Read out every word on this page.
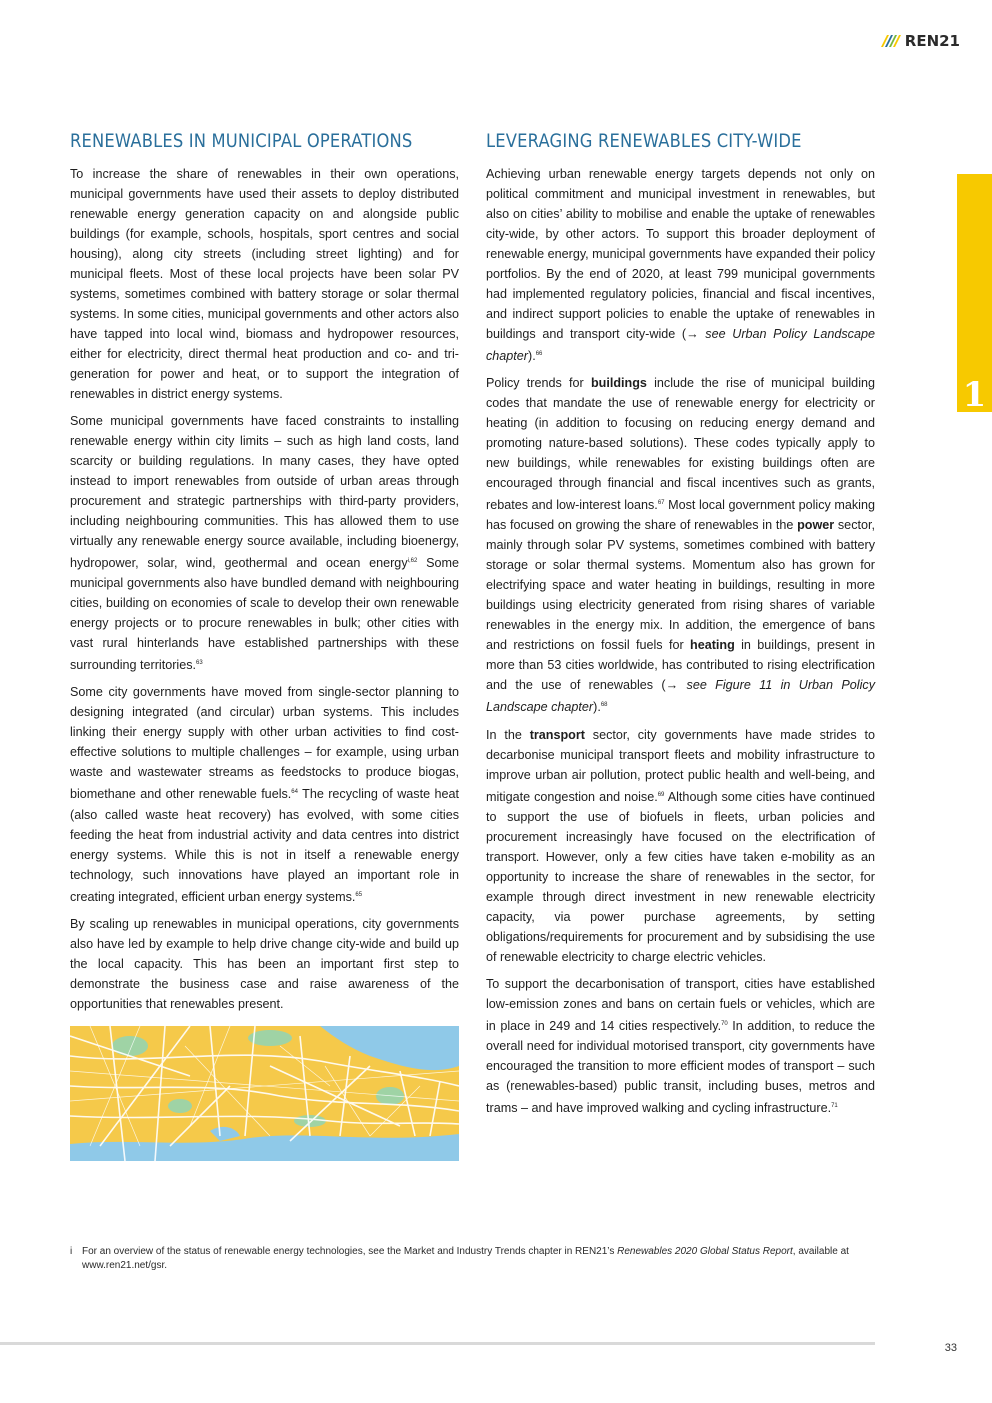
REN21
1
RENEWABLES IN MUNICIPAL OPERATIONS

To increase the share of renewables in their own operations, municipal governments have used their assets to deploy distributed renewable energy generation capacity on and alongside public buildings (for example, schools, hospitals, sport centres and social housing), along city streets (including street lighting) and for municipal fleets. Most of these local projects have been solar PV systems, sometimes combined with battery storage or solar thermal systems. In some cities, municipal governments and other actors also have tapped into local wind, biomass and hydropower resources, either for electricity, direct thermal heat production and co- and tri-generation for power and heat, or to support the integration of renewables in district energy systems.

Some municipal governments have faced constraints to installing renewable energy within city limits – such as high land costs, land scarcity or building regulations. In many cases, they have opted instead to import renewables from outside of urban areas through procurement and strategic partnerships with third-party providers, including neighbouring communities. This has allowed them to use virtually any renewable energy source available, including bioenergy, hydropower, solar, wind, geothermal and ocean energy$^{i,62}$ Some municipal governments also have bundled demand with neighbouring cities, building on economies of scale to develop their own renewable energy projects or to procure renewables in bulk; other cities with vast rural hinterlands have established partnerships with these surrounding territories.$^{63}$

Some city governments have moved from single-sector planning to designing integrated (and circular) urban systems. This includes linking their energy supply with other urban activities to find cost-effective solutions to multiple challenges – for example, using urban waste and wastewater streams as feedstocks to produce biogas, biomethane and other renewable fuels.$^{64}$ The recycling of waste heat (also called waste heat recovery) has evolved, with some cities feeding the heat from industrial activity and data centres into district energy systems. While this is not in itself a renewable energy technology, such innovations have played an important role in creating integrated, efficient urban energy systems.$^{65}$

By scaling up renewables in municipal operations, city governments also have led by example to help drive change city-wide and build up the local capacity. This has been an important first step to demonstrate the business case and raise awareness of the opportunities that renewables present.

LEVERAGING RENEWABLES CITY-WIDE

Achieving urban renewable energy targets depends not only on political commitment and municipal investment in renewables, but also on cities’ ability to mobilise and enable the uptake of renewables city-wide, by other actors. To support this broader deployment of renewable energy, municipal governments have expanded their policy portfolios. By the end of 2020, at least 799 municipal governments had implemented regulatory policies, financial and fiscal incentives, and indirect support policies to enable the uptake of renewables in buildings and transport city-wide (→ see Urban Policy Landscape chapter).$^{66}$

Policy trends for buildings include the rise of municipal building codes that mandate the use of renewable energy for electricity or heating (in addition to focusing on reducing energy demand and promoting nature-based solutions). These codes typically apply to new buildings, while renewables for existing buildings often are encouraged through financial and fiscal incentives such as grants, rebates and low-interest loans.$^{67}$ Most local government policy making has focused on growing the share of renewables in the power sector, mainly through solar PV systems, sometimes combined with battery storage or solar thermal systems. Momentum also has grown for electrifying space and water heating in buildings, resulting in more buildings using electricity generated from rising shares of variable renewables in the energy mix. In addition, the emergence of bans and restrictions on fossil fuels for heating in buildings, present in more than 53 cities worldwide, has contributed to rising electrification and the use of renewables (→ see Figure 11 in Urban Policy Landscape chapter).$^{68}$

In the transport sector, city governments have made strides to decarbonise municipal transport fleets and mobility infrastructure to improve urban air pollution, protect public health and well-being, and mitigate congestion and noise.$^{69}$ Although some cities have continued to support the use of biofuels in fleets, urban policies and procurement increasingly have focused on the electrification of transport. However, only a few cities have taken e-mobility as an opportunity to increase the share of renewables in the sector, for example through direct investment in new renewable electricity capacity, via power purchase agreements, by setting obligations/requirements for procurement and by subsidising the use of renewable electricity to charge electric vehicles.

To support the decarbonisation of transport, cities have established low-emission zones and bans on certain fuels or vehicles, which are in place in 249 and 14 cities respectively.$^{70}$ In addition, to reduce the overall need for individual motorised transport, city governments have encouraged the transition to more efficient modes of transport – such as (renewables-based) public transit, including buses, metros and trams – and have improved walking and cycling infrastructure.$^{71}$

i For an overview of the status of renewable energy technologies, see the Market and Industry Trends chapter in REN21’s Renewables 2020 Global Status Report, available at www.ren21.net/gsr.
33
